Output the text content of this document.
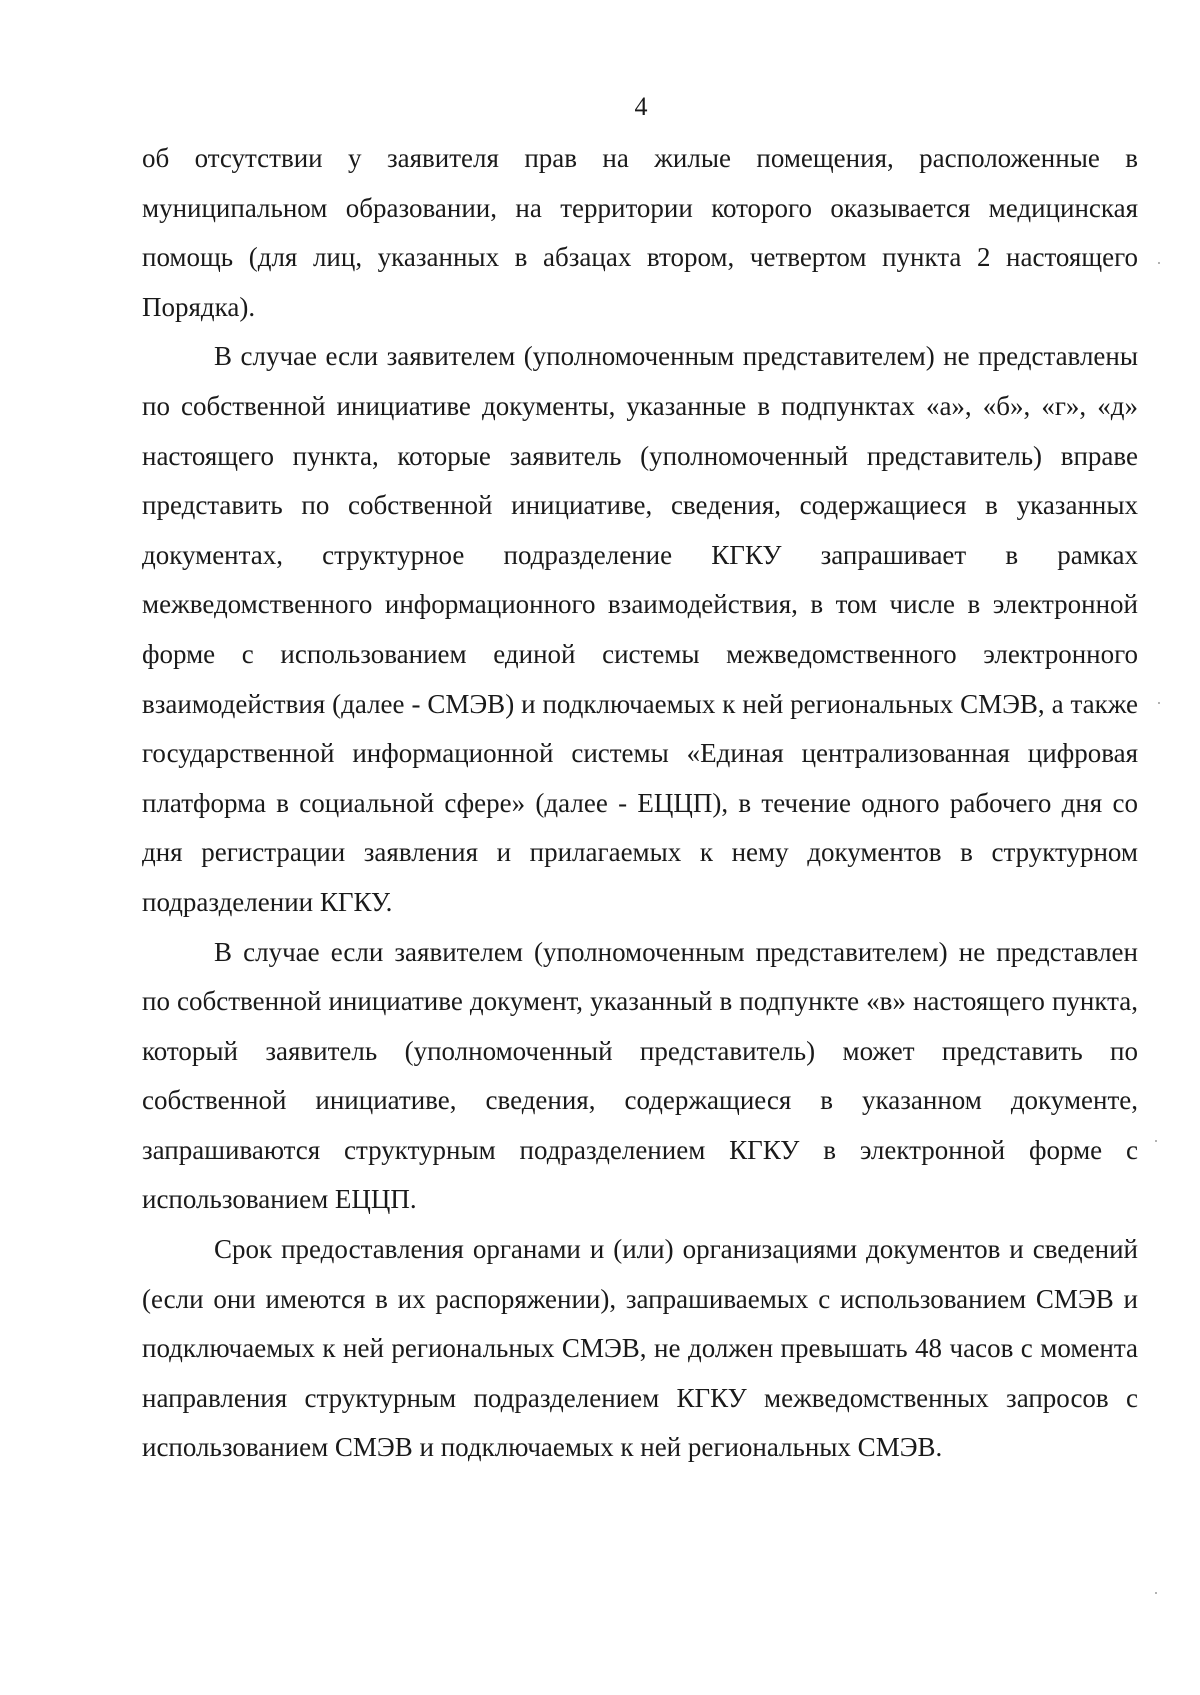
4

об отсутствии у заявителя прав на жилые помещения, расположенные в муниципальном образовании, на территории которого оказывается медицинская помощь (для лиц, указанных в абзацах втором, четвертом пункта 2 настоящего Порядка).

В случае если заявителем (уполномоченным представителем) не представлены по собственной инициативе документы, указанные в подпунктах «а», «б», «г», «д» настоящего пункта, которые заявитель (уполномоченный представитель) вправе представить по собственной инициативе, сведения, содержащиеся в указанных документах, структурное подразделение КГКУ запрашивает в рамках межведомственного информационного взаимодействия, в том числе в электронной форме с использованием единой системы межведомственного электронного взаимодействия (далее - СМЭВ) и подключаемых к ней региональных СМЭВ, а также государственной информационной системы «Единая централизованная цифровая платформа в социальной сфере» (далее - ЕЦЦП), в течение одного рабочего дня со дня регистрации заявления и прилагаемых к нему документов в структурном подразделении КГКУ.

В случае если заявителем (уполномоченным представителем) не представлен по собственной инициативе документ, указанный в подпункте «в» настоящего пункта, который заявитель (уполномоченный представитель) может представить по собственной инициативе, сведения, содержащиеся в указанном документе, запрашиваются структурным подразделением КГКУ в электронной форме с использованием ЕЦЦП.

Срок предоставления органами и (или) организациями документов и сведений (если они имеются в их распоряжении), запрашиваемых с использованием СМЭВ и подключаемых к ней региональных СМЭВ, не должен превышать 48 часов с момента направления структурным подразделением КГКУ межведомственных запросов с использованием СМЭВ и подключаемых к ней региональных СМЭВ.
